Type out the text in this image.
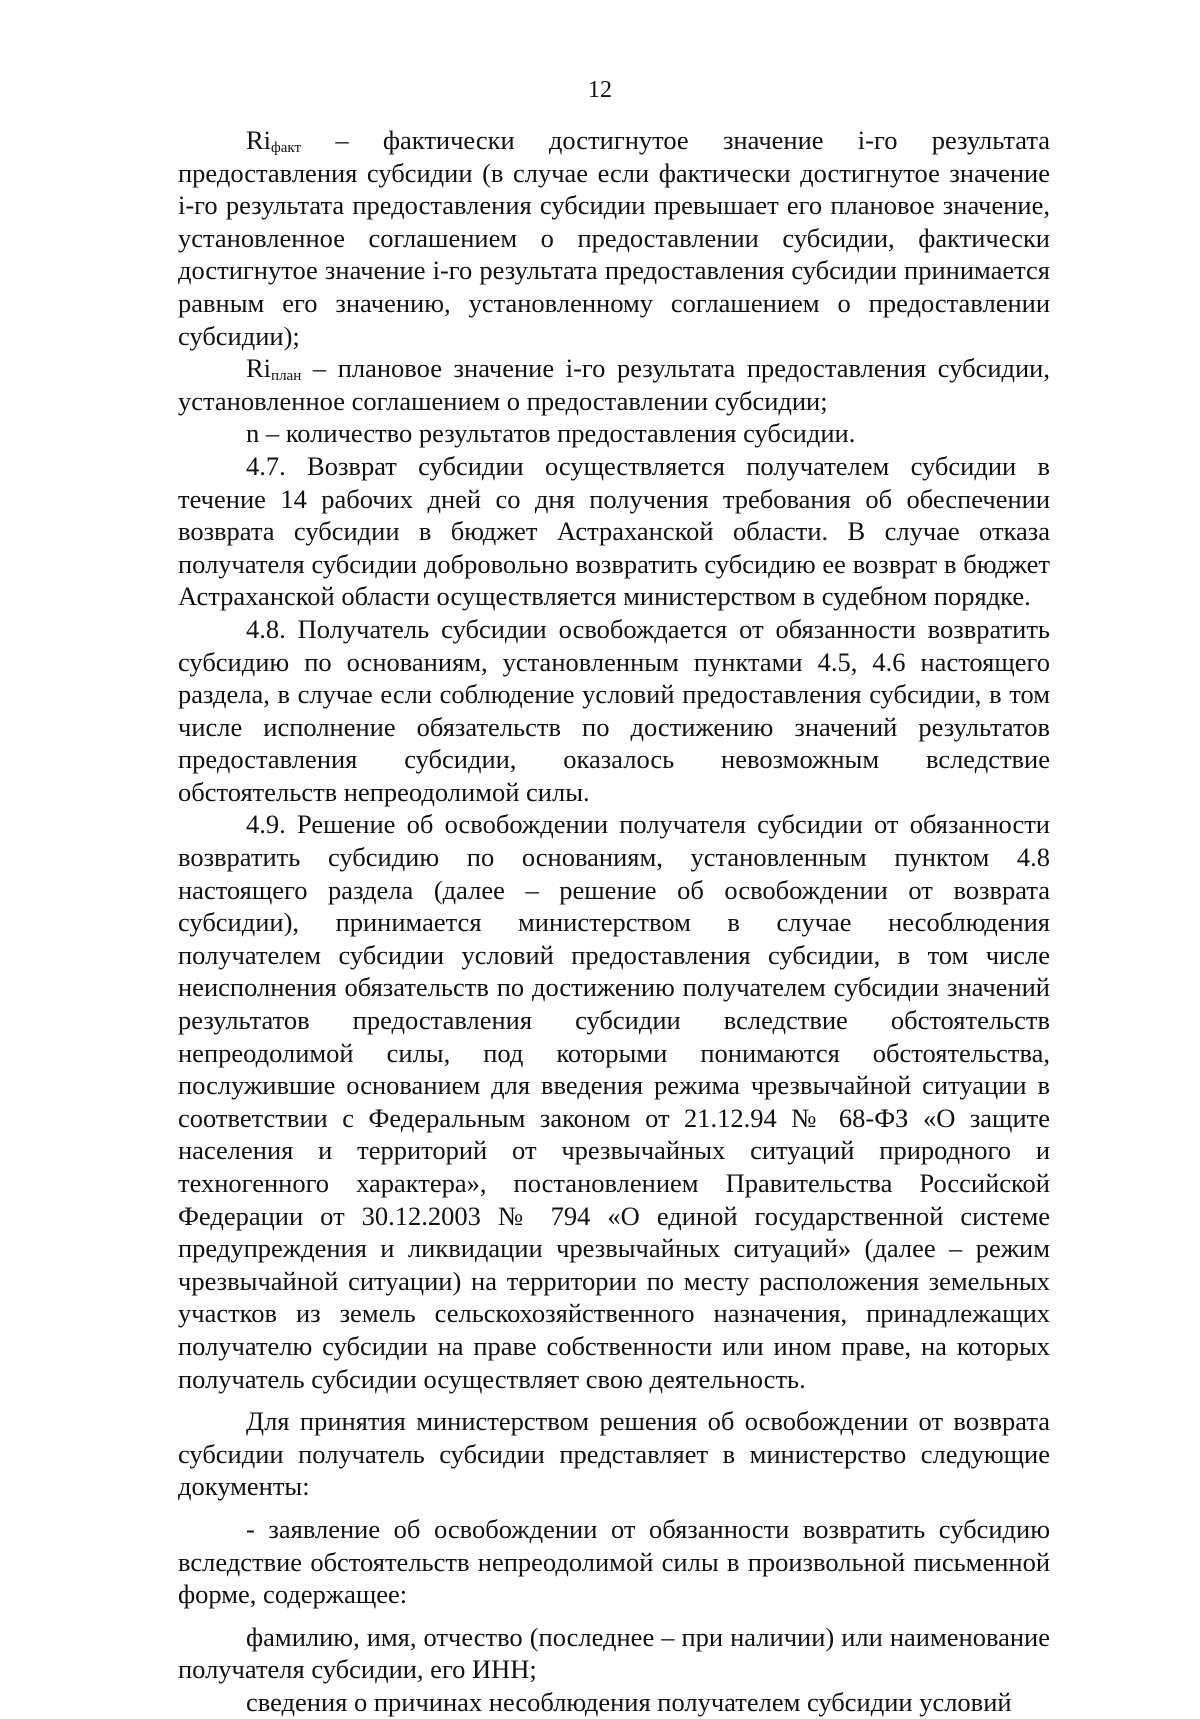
12

$Ri_{факт}$ – фактически достигнутое значение i-го результата предоставления субсидии (в случае если фактически достигнутое значение i-го результата предоставления субсидии превышает его плановое значение, установленное соглашением о предоставлении субсидии, фактически достигнутое значение i-го результата предоставления субсидии принимается равным его значению, установленному соглашением о предоставлении субсидии);

$Ri_{план}$ – плановое значение i-го результата предоставления субсидии, установленное соглашением о предоставлении субсидии;

n – количество результатов предоставления субсидии.

4.7. Возврат субсидии осуществляется получателем субсидии в течение 14 рабочих дней со дня получения требования об обеспечении возврата субсидии в бюджет Астраханской области. В случае отказа получателя субсидии добровольно возвратить субсидию ее возврат в бюджет Астраханской области осуществляется министерством в судебном порядке.

4.8. Получатель субсидии освобождается от обязанности возвратить субсидию по основаниям, установленным пунктами 4.5, 4.6 настоящего раздела, в случае если соблюдение условий предоставления субсидии, в том числе исполнение обязательств по достижению значений результатов предоставления субсидии, оказалось невозможным вследствие обстоятельств непреодолимой силы.

4.9. Решение об освобождении получателя субсидии от обязанности возвратить субсидию по основаниям, установленным пунктом 4.8 настоящего раздела (далее – решение об освобождении от возврата субсидии), принимается министерством в случае несоблюдения получателем субсидии условий предоставления субсидии, в том числе неисполнения обязательств по достижению получателем субсидии значений результатов предоставления субсидии вследствие обстоятельств непреодолимой силы, под которыми понимаются обстоятельства, послужившие основанием для введения режима чрезвычайной ситуации в соответствии с Федеральным законом от 21.12.94 № 68-ФЗ «О защите населения и территорий от чрезвычайных ситуаций природного и техногенного характера», постановлением Правительства Российской Федерации от 30.12.2003 № 794 «О единой государственной системе предупреждения и ликвидации чрезвычайных ситуаций» (далее – режим чрезвычайной ситуации) на территории по месту расположения земельных участков из земель сельскохозяйственного назначения, принадлежащих получателю субсидии на праве собственности или ином праве, на которых получатель субсидии осуществляет свою деятельность.

Для принятия министерством решения об освобождении от возврата субсидии получатель субсидии представляет в министерство следующие документы:

- заявление об освобождении от обязанности возвратить субсидию вследствие обстоятельств непреодолимой силы в произвольной письменной форме, содержащее:

фамилию, имя, отчество (последнее – при наличии) или наименование получателя субсидии, его ИНН;

сведения о причинах несоблюдения получателем субсидии условий
